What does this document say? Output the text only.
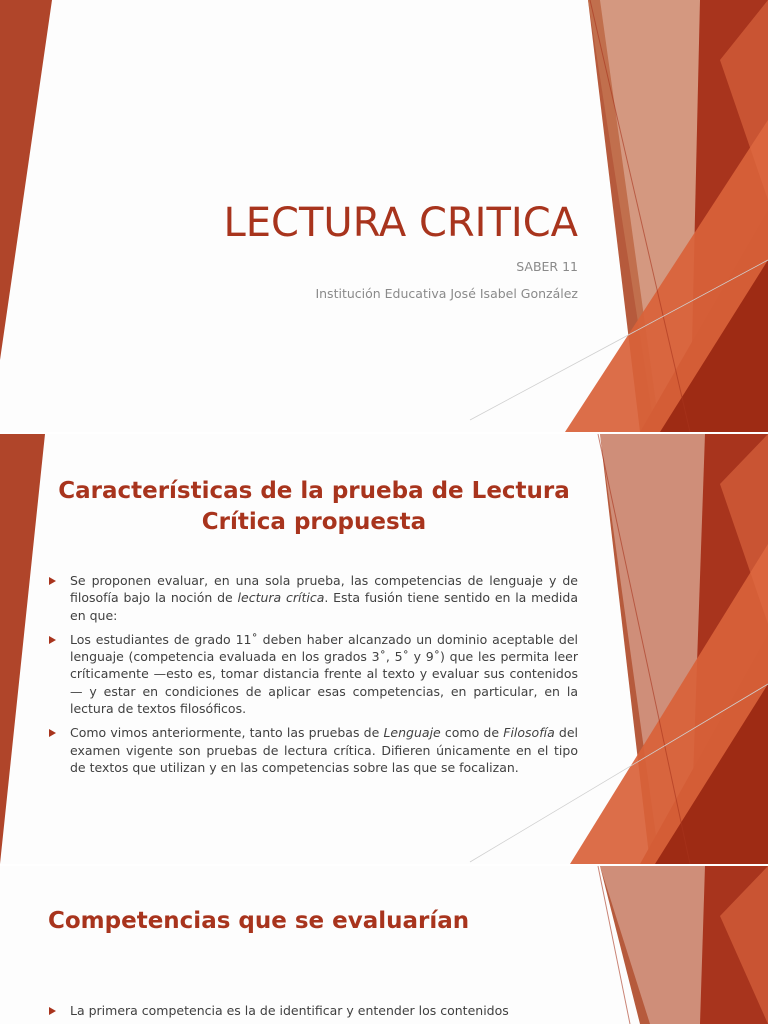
LECTURA CRITICA

SABER 11

Institución Educativa José Isabel González

Características de la prueba de Lectura
Crítica propuesta
Se proponen evaluar, en una sola prueba, las competencias de lenguaje y de filosofía bajo la noción de lectura crítica. Esta fusión tiene sentido en la medida en que:
Los estudiantes de grado 11˚ deben haber alcanzado un dominio aceptable del lenguaje (competencia evaluada en los grados 3˚, 5˚ y 9˚) que les permita leer críticamente —esto es, tomar distancia frente al texto y evaluar sus contenidos— y estar en condiciones de aplicar esas competencias, en particular, en la lectura de textos filosóficos.
Como vimos anteriormente, tanto las pruebas de Lenguaje como de Filosofía del examen vigente son pruebas de lectura crítica. Difieren únicamente en el tipo de textos que utilizan y en las competencias sobre las que se focalizan.
Competencias que se evaluarían
La primera competencia es la de identificar y entender los contenidos
